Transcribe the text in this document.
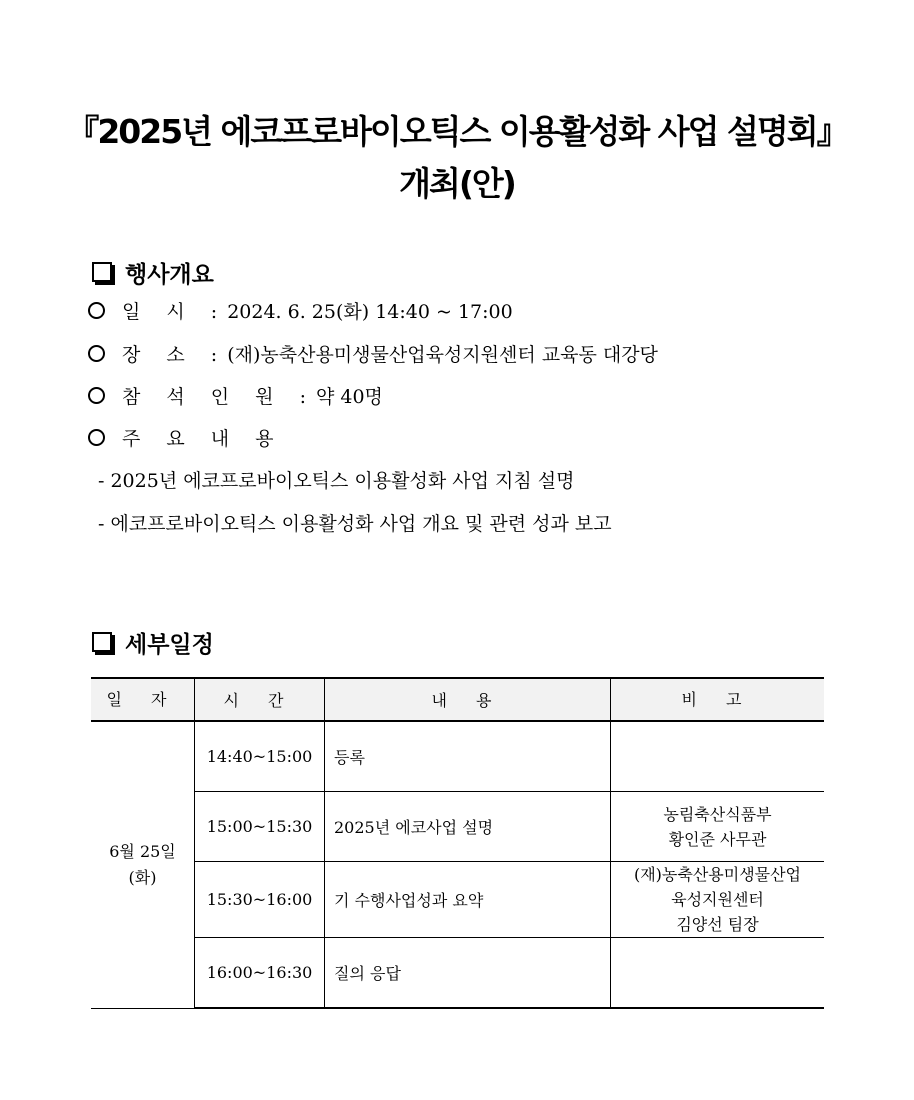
『2025년 에코프로바이오틱스 이용활성화 사업 설명회』
개최(안)
행사개요
일 시 : 2024. 6. 25(화) 14:40 ~ 17:00
장 소 : (재)농축산용미생물산업육성지원센터 교육동 대강당
참 석 인 원 : 약 40명
주 요 내 용
- 2025년 에코프로바이오틱스 이용활성화 사업 지침 설명
- 에코프로바이오틱스 이용활성화 사업 개요 및 관련 성과 보고
세부일정
일 자	시 간	내 용	비 고

6월 25일
(화)	14:40~15:00	등록	
	15:00~15:30	2025년 에코사업 설명	농림축산식품부
황인준 사무관

	15:30~16:00	기 수행사업성과 요약	(재)농축산용미생물산업
육성지원센터
김양선 팀장

	16:00~16:30	질의 응답	
